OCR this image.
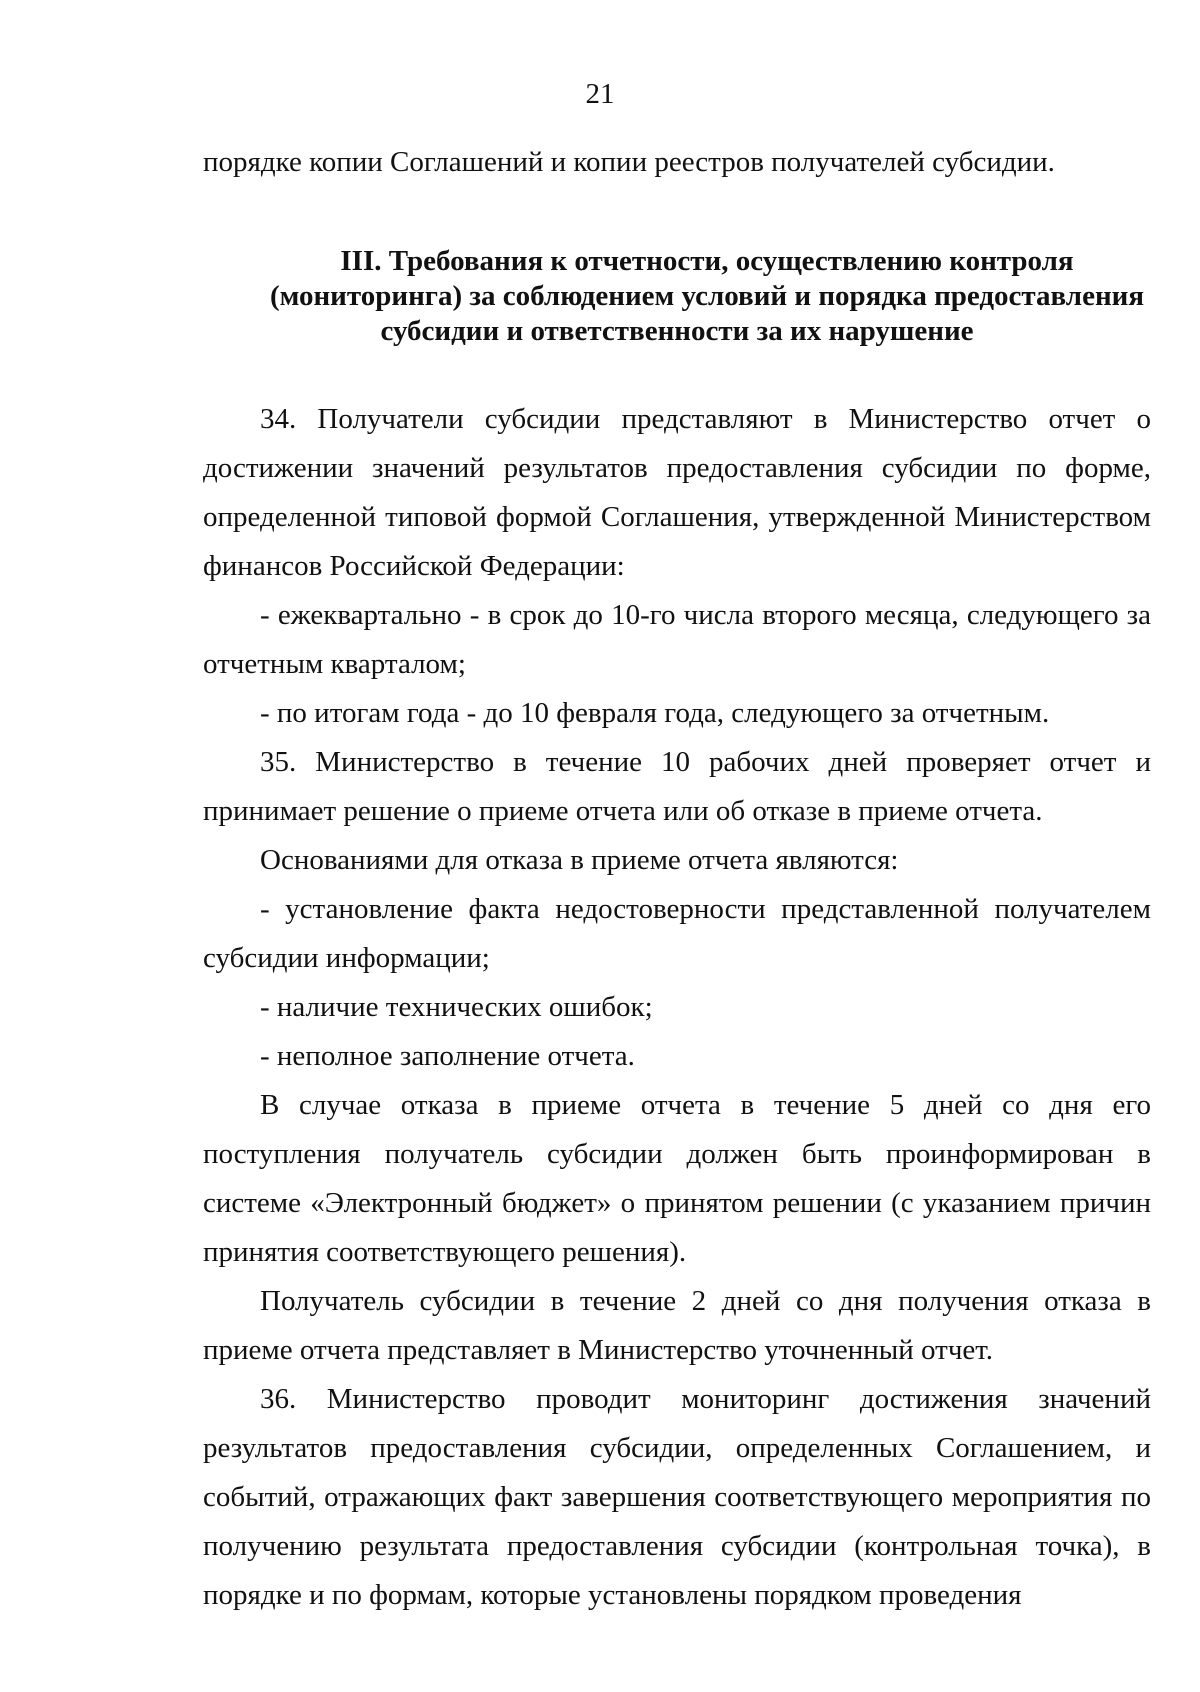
21

порядке копии Соглашений и копии реестров получателей субсидии.

III. Требования к отчетности, осуществлению контроля
(мониторинга) за соблюдением условий и порядка предоставления
субсидии и ответственности за их нарушение

34. Получатели субсидии представляют в Министерство отчет о достижении значений результатов предоставления субсидии по форме, определенной типовой формой Соглашения, утвержденной Министерством финансов Российской Федерации:

- ежеквартально - в срок до 10-го числа второго месяца, следующего за отчетным кварталом;

- по итогам года - до 10 февраля года, следующего за отчетным.

35. Министерство в течение 10 рабочих дней проверяет отчет и принимает решение о приеме отчета или об отказе в приеме отчета.

Основаниями для отказа в приеме отчета являются:

- установление факта недостоверности представленной получателем субсидии информации;

- наличие технических ошибок;

- неполное заполнение отчета.

В случае отказа в приеме отчета в течение 5 дней со дня его поступления получатель субсидии должен быть проинформирован в системе «Электронный бюджет» о принятом решении (с указанием причин принятия соответствующего решения).

Получатель субсидии в течение 2 дней со дня получения отказа в приеме отчета представляет в Министерство уточненный отчет.

36. Министерство проводит мониторинг достижения значений результатов предоставления субсидии, определенных Соглашением, и событий, отражающих факт завершения соответствующего мероприятия по получению результата предоставления субсидии (контрольная точка), в порядке и по формам, которые установлены порядком проведения
